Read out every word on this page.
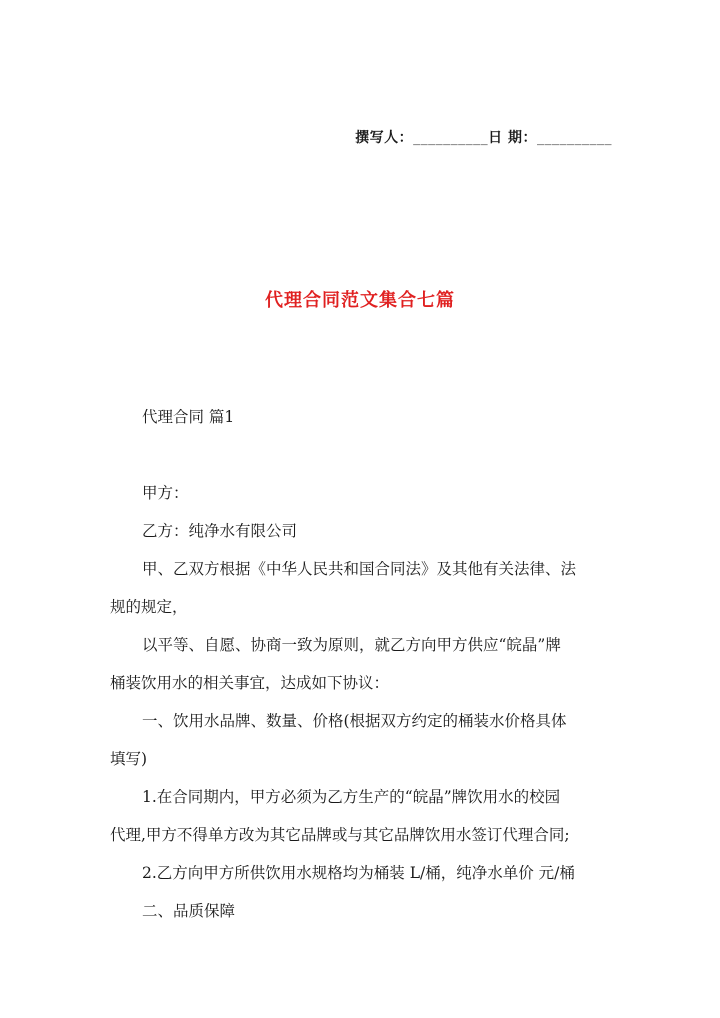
撰写人：__________日 期：__________
代理合同范文集合七篇

代理合同 篇1

甲方：

乙方：纯净水有限公司

甲、乙双方根据《中华人民共和国合同法》及其他有关法律、法

规的规定，

以平等、自愿、协商一致为原则，就乙方向甲方供应“皖晶”牌

桶装饮用水的相关事宜，达成如下协议：

一、饮用水品牌、数量、价格(根据双方约定的桶装水价格具体

填写)

1.在合同期内，甲方必须为乙方生产的“皖晶”牌饮用水的校园

代理,甲方不得单方改为其它品牌或与其它品牌饮用水签订代理合同;

2.乙方向甲方所供饮用水规格均为桶装 L/桶，纯净水单价 元/桶

二、品质保障
